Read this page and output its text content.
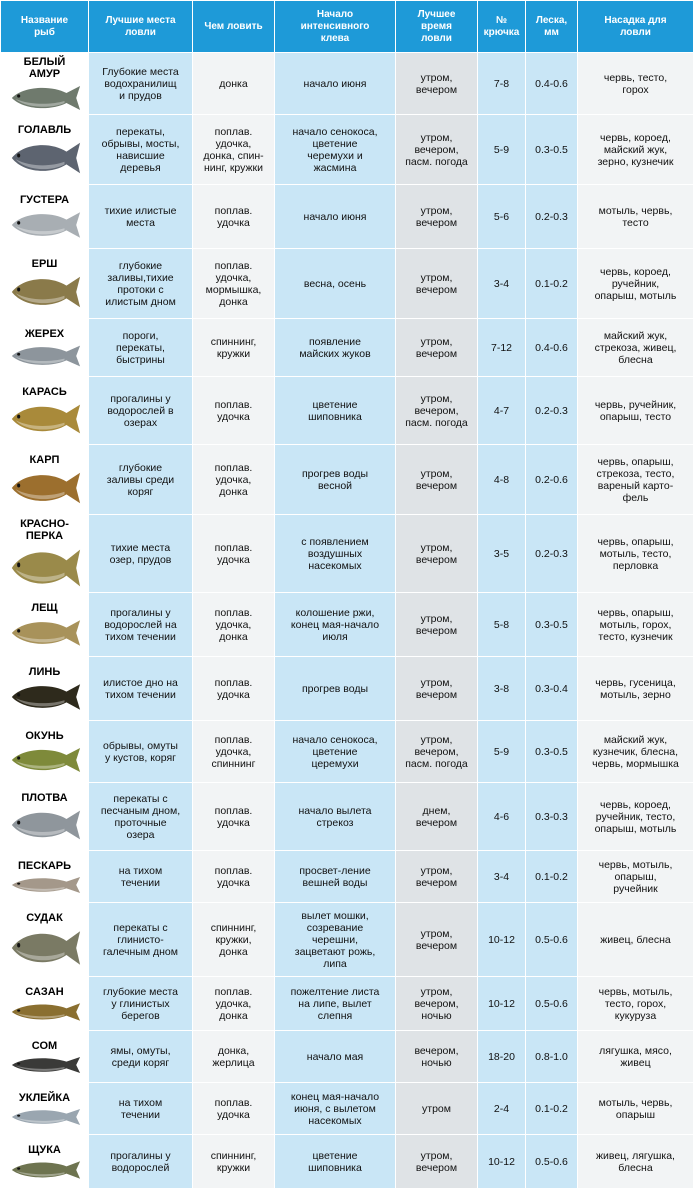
Название
рыб	Лучшие места
ловли	Чем ловить	Начало
интенсивного
клева	Лучшее
время
ловли	№
крючка	Леска,
мм	Насадка для
ловли

БЕЛЫЙ
АМУР	Глубокие места
водохранилищ
и прудов	донка	начало июня	утром,
вечером	7-8	0.4-0.6	червь, тесто,
горох

ГОЛАВЛЬ	перекаты,
обрывы, мосты,
нависшие
деревья	поплав.
удочка,
донка, спин-
нинг, кружки	начало сенокоса,
цветение
черемухи и
жасмина	утром,
вечером,
пасм. погода	5-9	0.3-0.5	червь, короед,
майский жук,
зерно, кузнечик

ГУСТЕРА	тихие илистые
места	поплав.
удочка	начало июня	утром,
вечером	5-6	0.2-0.3	мотыль, червь,
тесто

ЕРШ	глубокие
заливы,тихие
протоки с
илистым дном	поплав.
удочка,
мормышка,
донка	весна, осень	утром,
вечером	3-4	0.1-0.2	червь, короед,
ручейник,
опарыш, мотыль

ЖЕРЕХ	пороги,
перекаты,
быстрины	спиннинг,
кружки	появление
майских жуков	утром,
вечером	7-12	0.4-0.6	майский жук,
стрекоза, живец,
блесна

КАРАСЬ	прогалины у
водорослей в
озерах	поплав.
удочка	цветение
шиповника	утром,
вечером,
пасм. погода	4-7	0.2-0.3	червь, ручейник,
опарыш, тесто

КАРП	глубокие
заливы среди
коряг	поплав.
удочка,
донка	прогрев воды
весной	утром,
вечером	4-8	0.2-0.6	червь, опарыш,
стрекоза, тесто,
вареный карто-
фель

КРАСНО-
ПЕРКА	тихие места
озер, прудов	поплав.
удочка	с появлением
воздушных
насекомых	утром,
вечером	3-5	0.2-0.3	червь, опарыш,
мотыль, тесто,
перловка

ЛЕЩ	прогалины у
водорослей на
тихом течении	поплав.
удочка,
донка	колошение ржи,
конец мая-начало
июля	утром,
вечером	5-8	0.3-0.5	червь, опарыш,
мотыль, горох,
тесто, кузнечик

ЛИНЬ	илистое дно на
тихом течении	поплав.
удочка	прогрев воды	утром,
вечером	3-8	0.3-0.4	червь, гусеница,
мотыль, зерно

ОКУНЬ	обрывы, омуты
у кустов, коряг	поплав.
удочка,
спиннинг	начало сенокоса,
цветение
церемухи	утром,
вечером,
пасм. погода	5-9	0.3-0.5	майский жук,
кузнечик, блесна,
червь, мормышка

ПЛОТВА	перекаты с
песчаным дном,
проточные
озера	поплав.
удочка	начало вылета
стрекоз	днем,
вечером	4-6	0.3-0.3	червь, короед,
ручейник, тесто,
опарыш, мотыль

ПЕСКАРЬ	на тихом
течении	поплав.
удочка	просвет-ление
вешней воды	утром,
вечером	3-4	0.1-0.2	червь, мотыль,
опарыш,
ручейник

СУДАК	перекаты с
глинисто-
галечным дном	спиннинг,
кружки,
донка	вылет мошки,
созревание
черешни,
зацветают рожь,
липа	утром,
вечером	10-12	0.5-0.6	живец, блесна

САЗАН	глубокие места
у глинистых
берегов	поплав.
удочка,
донка	пожелтение листа
на липе, вылет
слепня	утром,
вечером,
ночью	10-12	0.5-0.6	червь, мотыль,
тесто, горох,
кукуруза

СОМ	ямы, омуты,
среди коряг	донка,
жерлица	начало мая	вечером,
ночью	18-20	0.8-1.0	лягушка, мясо,
живец

УКЛЕЙКА	на тихом
течении	поплав.
удочка	конец мая-начало
июня, с вылетом
насекомых	утром	2-4	0.1-0.2	мотыль, червь,
опарыш

ЩУКА	прогалины у
водорослей	спиннинг,
кружки	цветение
шиповника	утром,
вечером	10-12	0.5-0.6	живец, лягушка,
блесна
